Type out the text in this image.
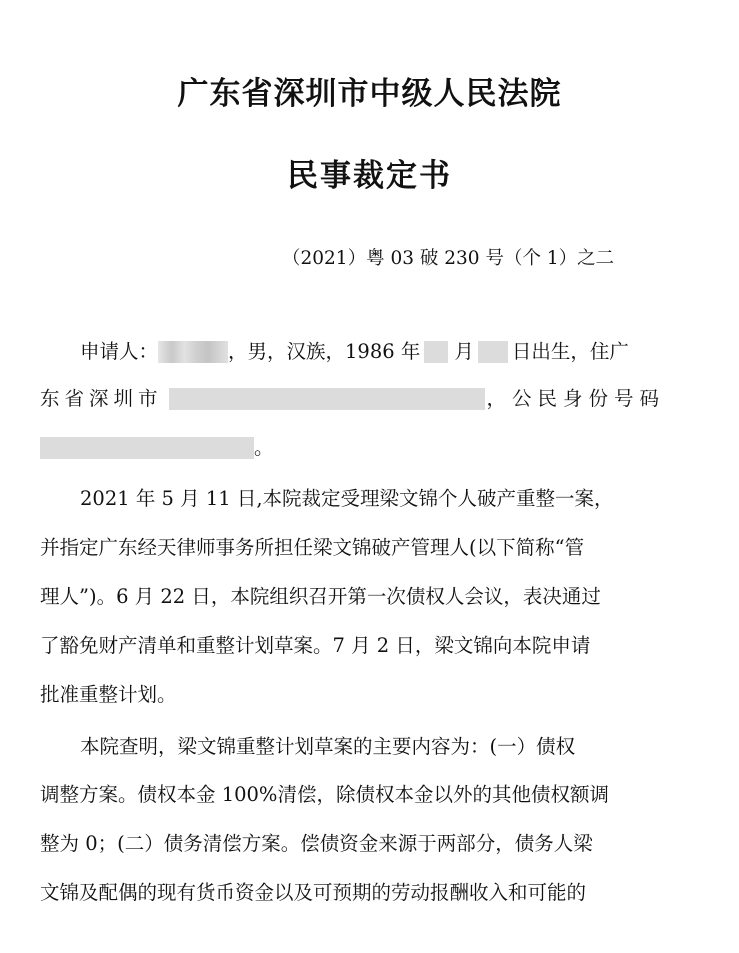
广东省深圳市中级人民法院
民事裁定书
（2021）粤 03 破 230 号（个 1）之二
申请人：	，男，汉族，1986 年 月 日出生，住广
东省深圳市	，公民身份号码
。
2021 年 5 月 11 日,本院裁定受理梁文锦个人破产重整一案，
并指定广东经天律师事务所担任梁文锦破产管理人(以下简称“管
理人”)。6 月 22 日，本院组织召开第一次债权人会议，表决通过
了豁免财产清单和重整计划草案。7 月 2 日，梁文锦向本院申请
批准重整计划。
本院查明，梁文锦重整计划草案的主要内容为：(一）债权
调整方案。债权本金 100%清偿，除债权本金以外的其他债权额调
整为 0；(二）债务清偿方案。偿债资金来源于两部分，债务人梁
文锦及配偶的现有货币资金以及可预期的劳动报酬收入和可能的
